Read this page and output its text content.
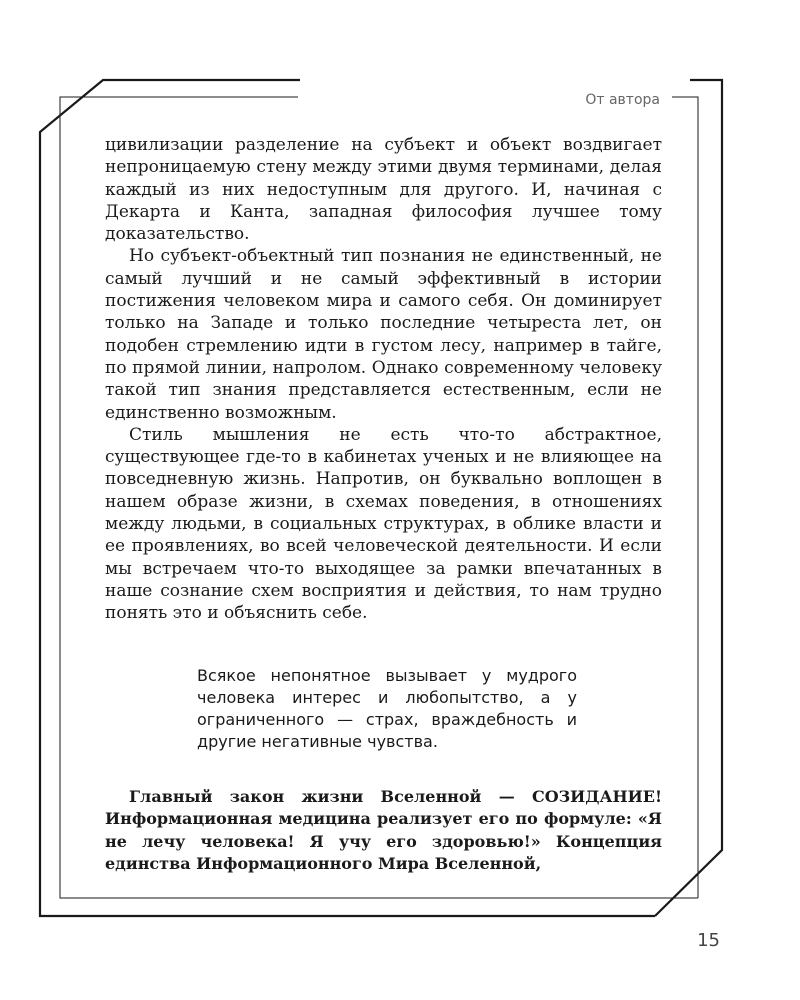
От автора

цивилизации разделение на субъект и объект воздвигает непроницаемую стену между этими двумя терминами, делая каждый из них недоступным для другого. И, начиная с Декарта и Канта, западная философия лучшее тому доказательство.

Но субъект-объектный тип познания не единственный, не самый лучший и не самый эффективный в истории постижения человеком мира и самого себя. Он доминирует только на Западе и только последние четыреста лет, он подобен стремлению идти в густом лесу, например в тайге, по прямой линии, напролом. Однако современному человеку такой тип знания представляется естественным, если не единственно возможным.

Стиль мышления не есть что-то абстрактное, существующее где-то в кабинетах ученых и не влияющее на повседневную жизнь. Напротив, он буквально воплощен в нашем образе жизни, в схемах поведения, в отношениях между людьми, в социальных структурах, в облике власти и ее проявлениях, во всей человеческой деятельности. И если мы встречаем что-то выходящее за рамки впечатанных в наше сознание схем восприятия и действия, то нам трудно понять это и объяснить себе.

Всякое непонятное вызывает у мудрого человека интерес и любопытство, а у ограниченного — страх, враждебность и другие негативные чувства.

Главный закон жизни Вселенной — СОЗИДАНИЕ! Информационная медицина реализует его по формуле: «Я не лечу человека! Я учу его здоровью!» Концепция единства Информационного Мира Вселенной,

15
